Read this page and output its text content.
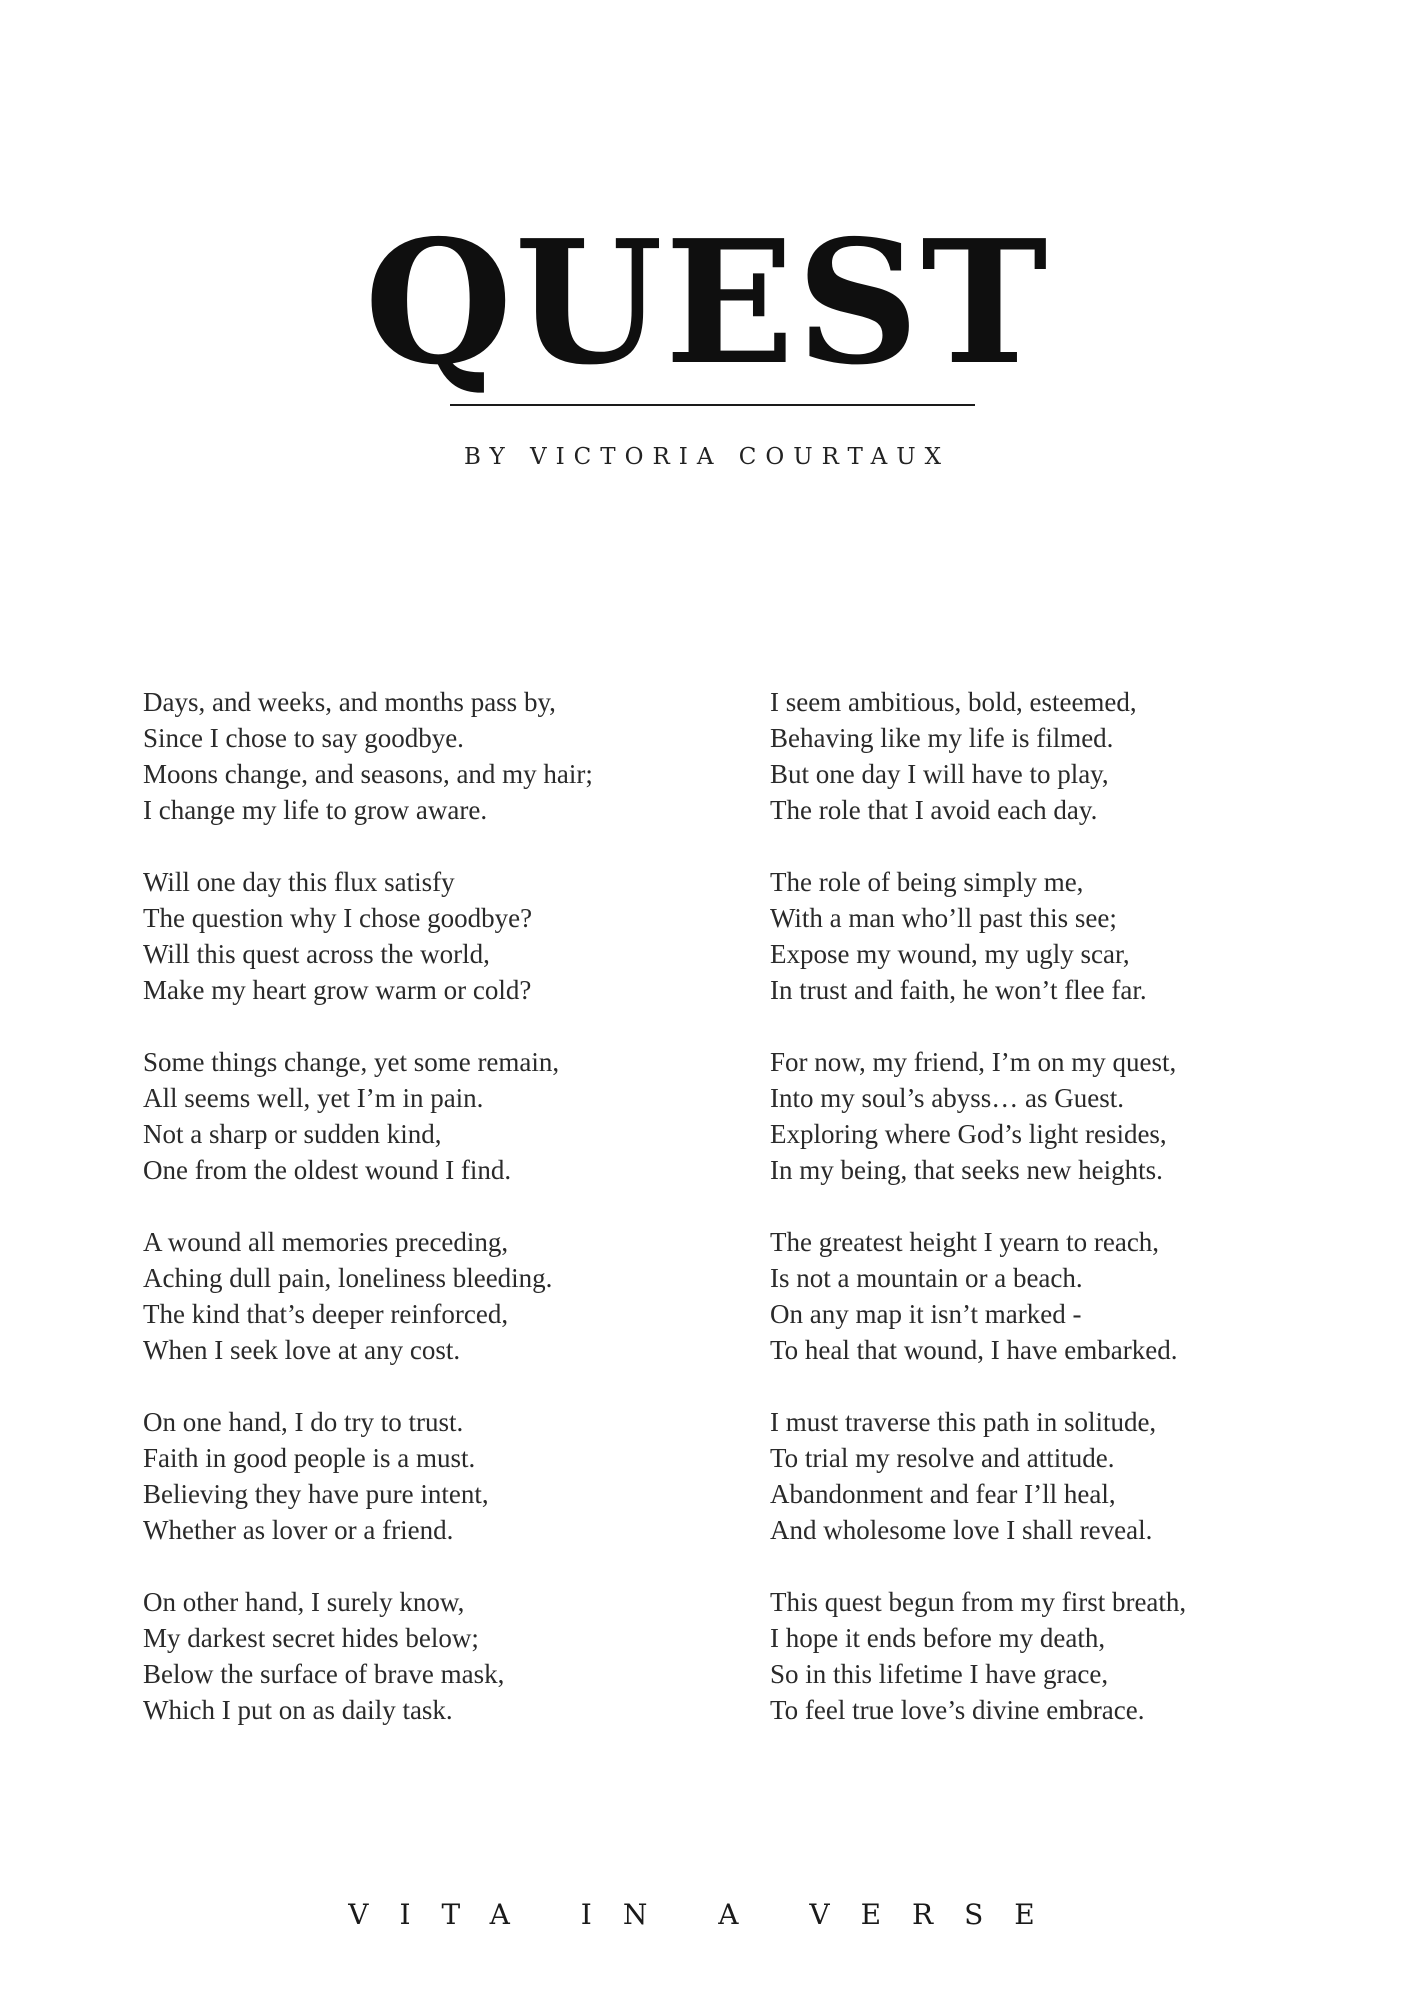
QUEST
BY VICTORIA COURTAUX
Days, and weeks, and months pass by,
Since I chose to say goodbye.
Moons change, and seasons, and my hair;
I change my life to grow aware.
Will one day this flux satisfy
The question why I chose goodbye?
Will this quest across the world,
Make my heart grow warm or cold?
Some things change, yet some remain,
All seems well, yet I’m in pain.
Not a sharp or sudden kind,
One from the oldest wound I find.
A wound all memories preceding,
Aching dull pain, loneliness bleeding.
The kind that’s deeper reinforced,
When I seek love at any cost.
On one hand, I do try to trust.
Faith in good people is a must.
Believing they have pure intent,
Whether as lover or a friend.
On other hand, I surely know,
My darkest secret hides below;
Below the surface of brave mask,
Which I put on as daily task.
I seem ambitious, bold, esteemed,
Behaving like my life is filmed.
But one day I will have to play,
The role that I avoid each day.
The role of being simply me,
With a man who’ll past this see;
Expose my wound, my ugly scar,
In trust and faith, he won’t flee far.
For now, my friend, I’m on my quest,
Into my soul’s abyss… as Guest.
Exploring where God’s light resides,
In my being, that seeks new heights.
The greatest height I yearn to reach,
Is not a mountain or a beach.
On any map it isn’t marked -
To heal that wound, I have embarked.
I must traverse this path in solitude,
To trial my resolve and attitude.
Abandonment and fear I’ll heal,
And wholesome love I shall reveal.
This quest begun from my first breath,
I hope it ends before my death,
So in this lifetime I have grace,
To feel true love’s divine embrace.
VITA IN A VERSE
